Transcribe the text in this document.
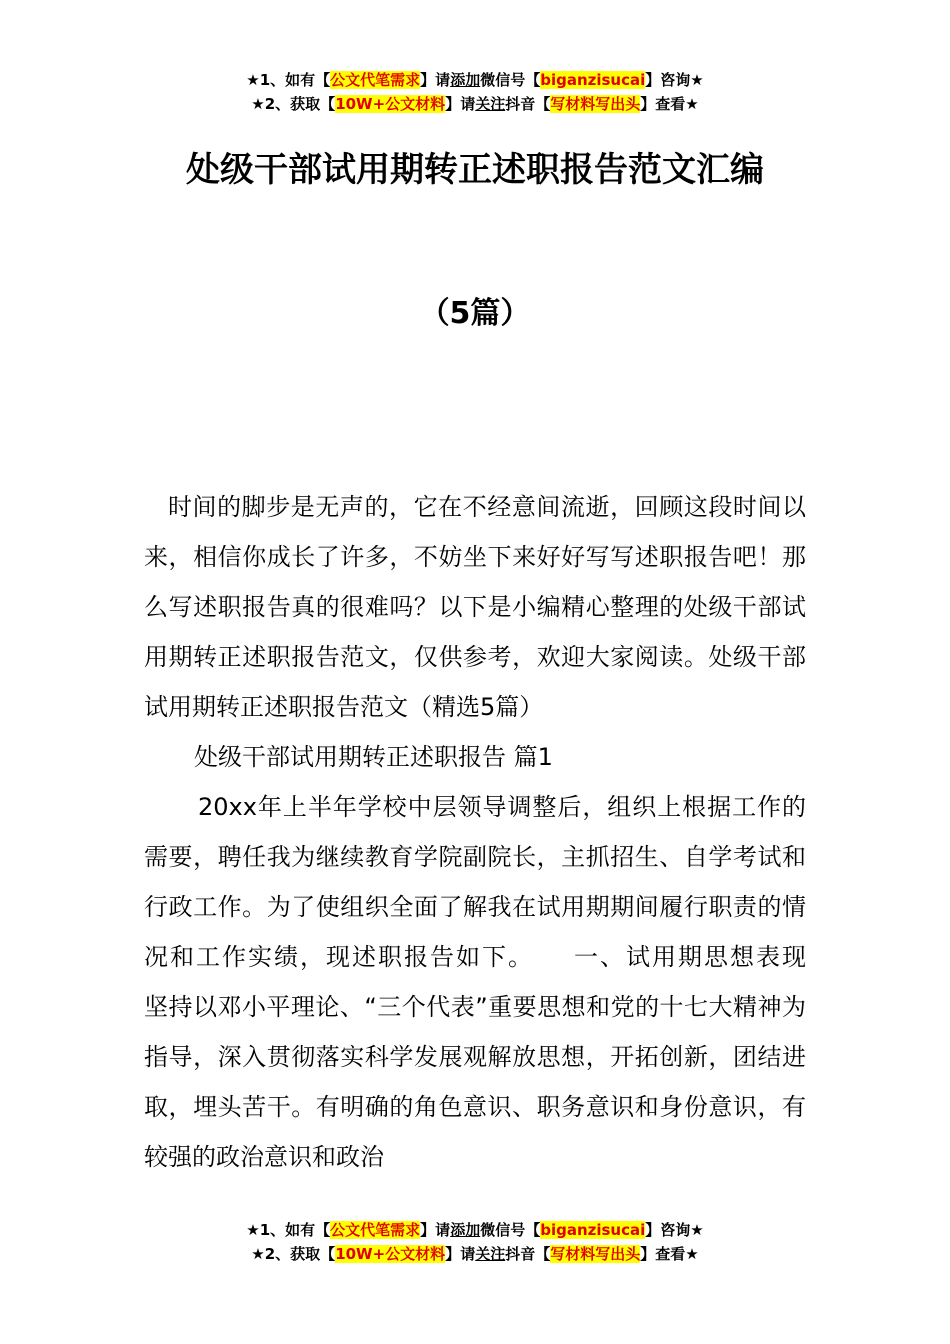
★1、如有【公文代笔需求】请添加微信号【biganzisucai】咨询★
★2、获取【10W+公文材料】请关注抖音【写材料写出头】查看★
处级干部试用期转正述职报告范文汇编
（5篇）

时间的脚步是无声的，它在不经意间流逝，回顾这段时间以来，相信你成长了许多，不妨坐下来好好写写述职报告吧！那么写述职报告真的很难吗？以下是小编精心整理的处级干部试用期转正述职报告范文，仅供参考，欢迎大家阅读。处级干部试用期转正述职报告范文（精选5篇）

处级干部试用期转正述职报告 篇1

20xx年上半年学校中层领导调整后，组织上根据工作的需要，聘任我为继续教育学院副院长，主抓招生、自学考试和行政工作。为了使组织全面了解我在试用期期间履行职责的情况和工作实绩，现述职报告如下。　　一、试用期思想表现　　坚持以邓小平理论、“三个代表”重要思想和党的十七大精神为指导，深入贯彻落实科学发展观解放思想，开拓创新，团结进取，埋头苦干。有明确的角色意识、职务意识和身份意识，有较强的政治意识和政治

★1、如有【公文代笔需求】请添加微信号【biganzisucai】咨询★
★2、获取【10W+公文材料】请关注抖音【写材料写出头】查看★
